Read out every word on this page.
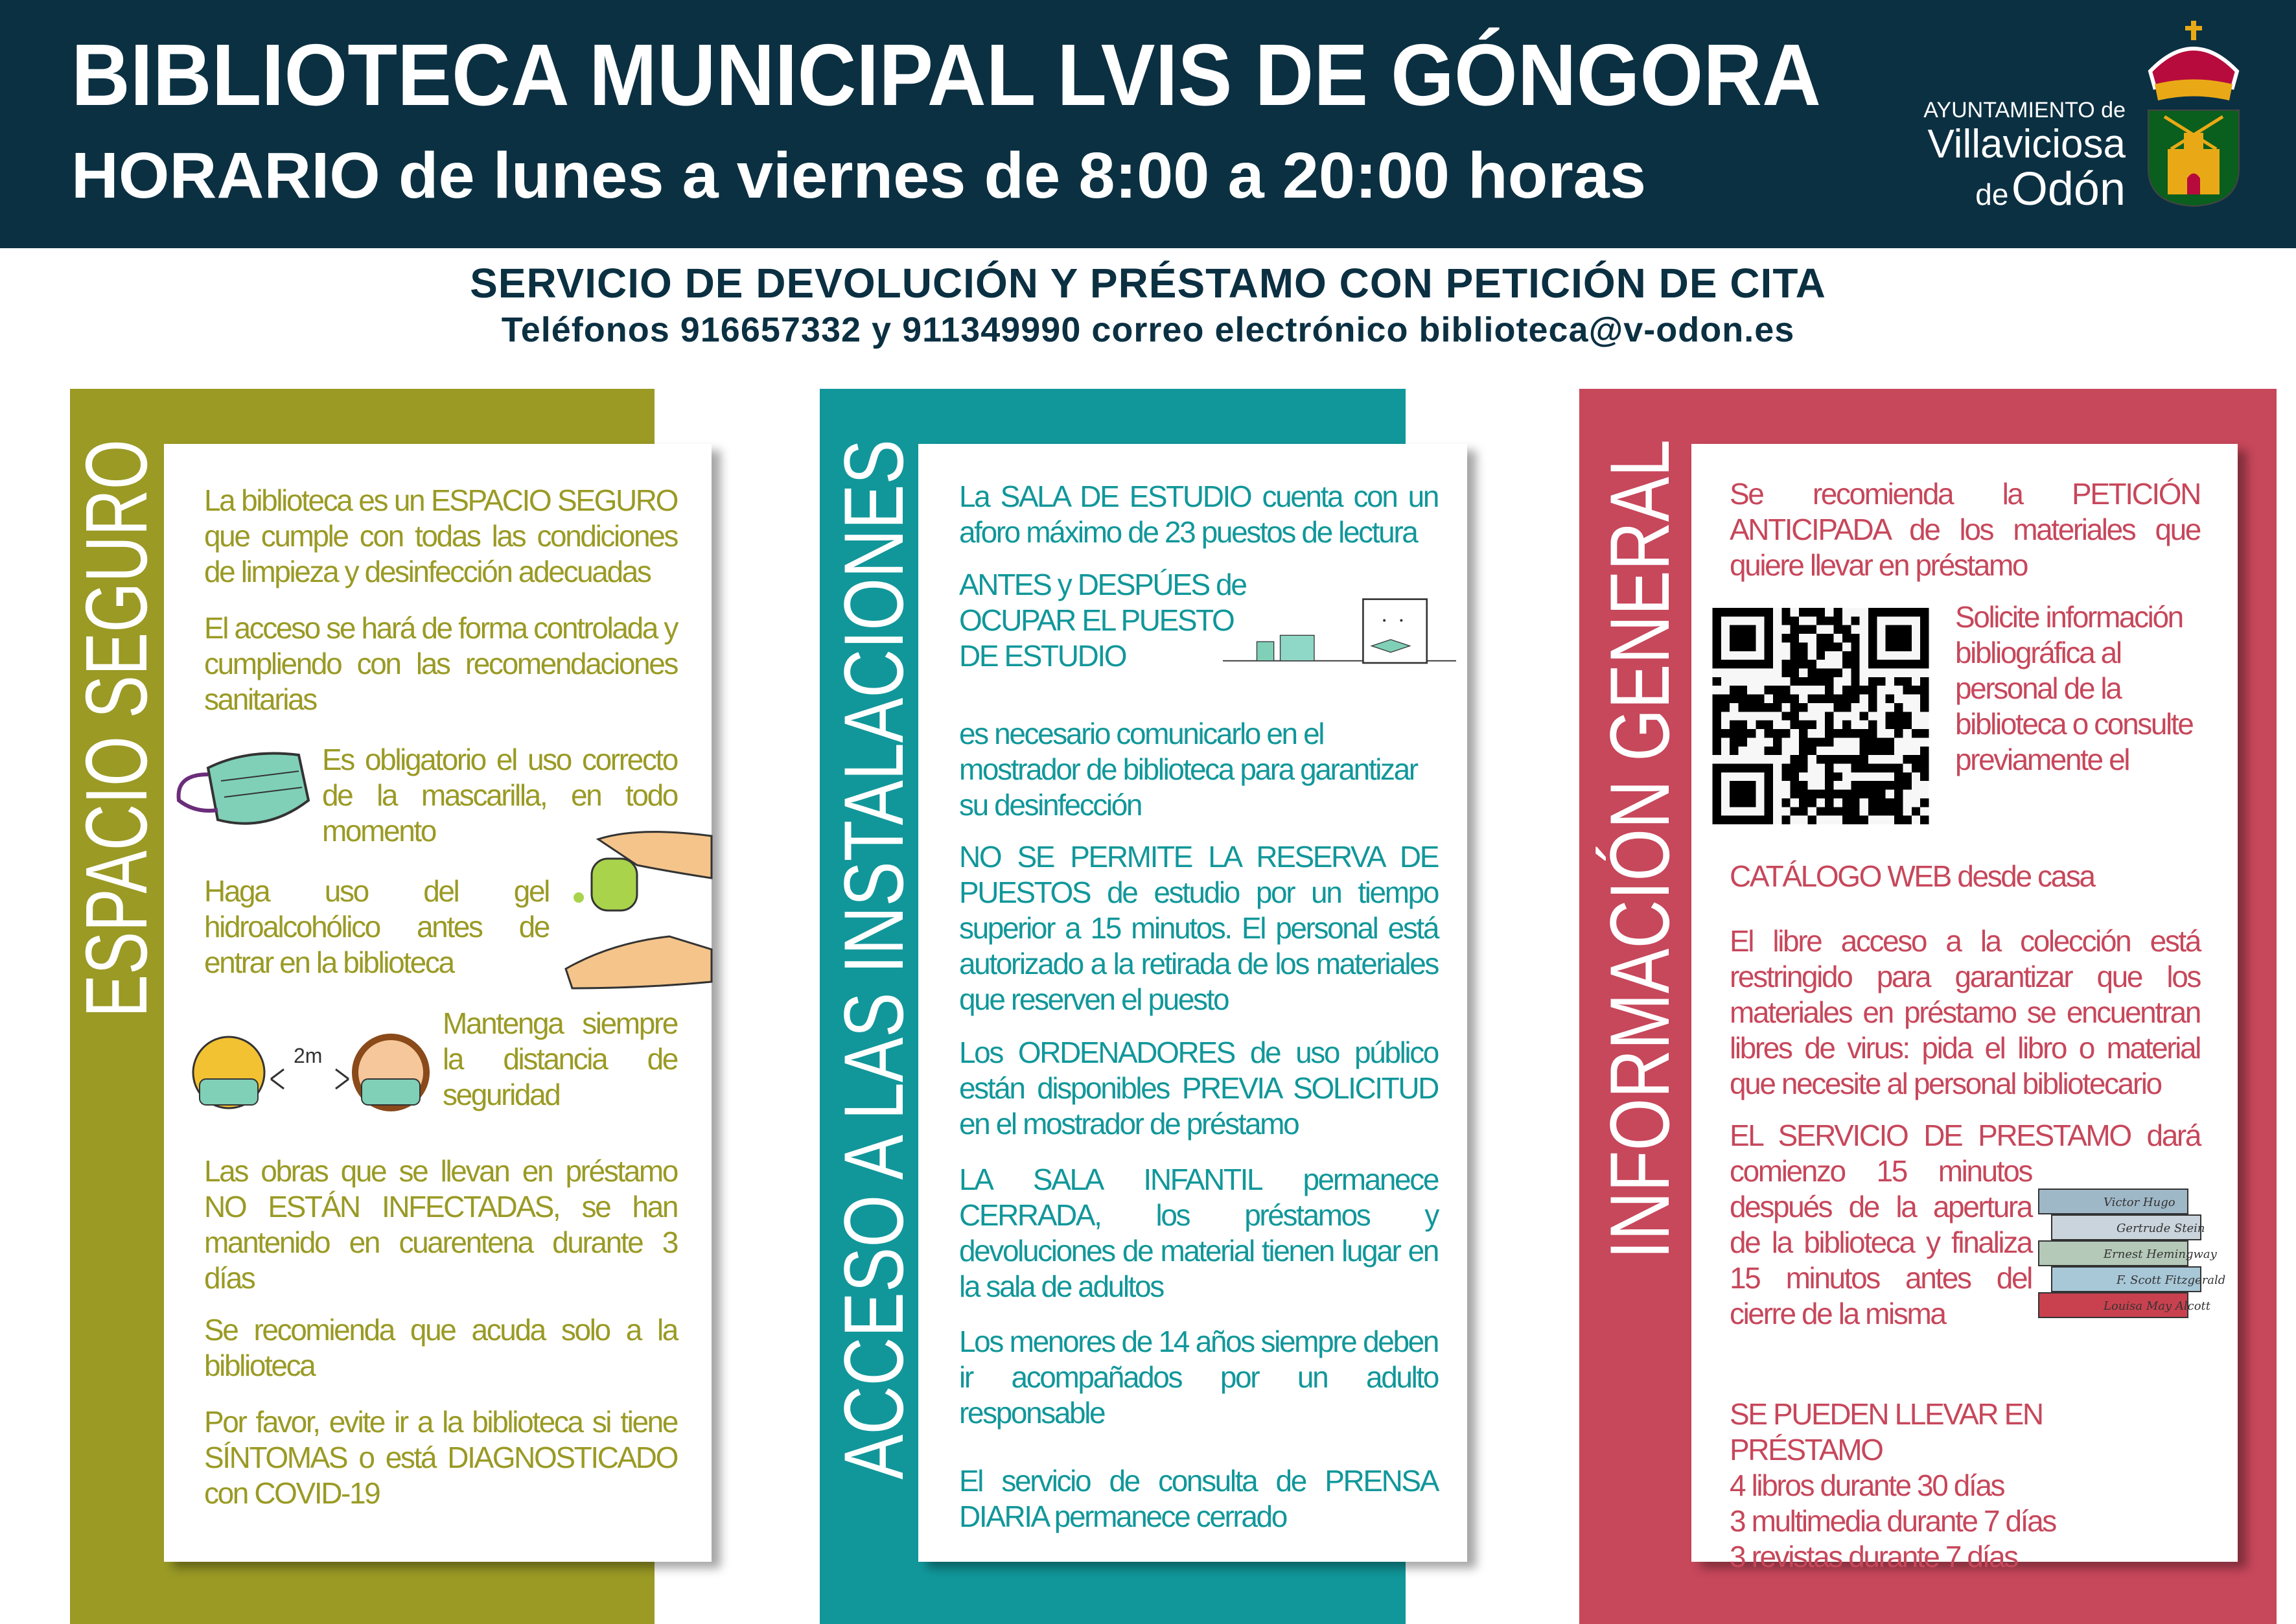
BIBLIOTECA MUNICIPAL LVIS DE GÓNGORA
HORARIO de lunes a viernes de 8:00 a 20:00 horas
AYUNTAMIENTO de
Villaviciosa
de Odón
SERVICIO DE DEVOLUCIÓN Y PRÉSTAMO CON PETICIÓN DE CITA
Teléfonos 916657332 y 911349990 correo electrónico biblioteca@v-odon.es
ESPACIO SEGURO La biblioteca es un ESPACIO SEGURO que cumple con todas las condiciones de limpieza y desinfección adecuadas
El acceso se hará de forma controlada y cumpliendo con las recomendaciones sanitarias
Es obligatorio el uso correcto de la mascarilla, en todo momento
Haga uso del gel hidroalcohólico antes de entrar en la biblioteca
2m
Mantenga siempre la distancia de seguridad
Las obras que se llevan en préstamo NO ESTÁN INFECTADAS, se han mantenido en cuarentena durante 3 días
Se recomienda que acuda solo a la biblioteca
Por favor, evite ir a la biblioteca si tiene SÍNTOMAS o está DIAGNOSTICADO con COVID-19
ACCESO A LAS INSTALACIONES La SALA DE ESTUDIO cuenta con un aforo máximo de 23 puestos de lectura
ANTES y DESPÚES de OCUPAR EL PUESTO DE ESTUDIO
es necesario comunicarlo en el mostrador de biblioteca para garantizar su desinfección
NO SE PERMITE LA RESERVA DE PUESTOS de estudio por un tiempo superior a 15 minutos. El personal está autorizado a la retirada de los materiales que reserven el puesto
Los ORDENADORES de uso público están disponibles PREVIA SOLICITUD en el mostrador de préstamo
LA SALA INFANTIL permanece CERRADA, los préstamos y devoluciones de material tienen lugar en la sala de adultos
Los menores de 14 años siempre deben ir acompañados por un adulto responsable
El servicio de consulta de PRENSA DIARIA permanece cerrado
INFORMACIÓN GENERAL Se recomienda la PETICIÓN ANTICIPADA de los materiales que quiere llevar en préstamo
Solicite información bibliográfica al personal de la biblioteca o consulte previamente el
CATÁLOGO WEB desde casa
El libre acceso a la colección está restringido para garantizar que los materiales en préstamo se encuentran libres de virus: pida el libro o material que necesite al personal bibliotecario
EL SERVICIO DE PRESTAMO dará comienzo 15 minutos después de la apertura de la biblioteca y finaliza 15 minutos antes del cierre de la misma
Victor Hugo
Gertrude Stein
Ernest Hemingway
F. Scott Fitzgerald
Louisa May Alcott
SE PUEDEN LLEVAR EN PRÉSTAMO
4 libros durante 30 días
3 multimedia durante 7 días
3 revistas durante 7 días
